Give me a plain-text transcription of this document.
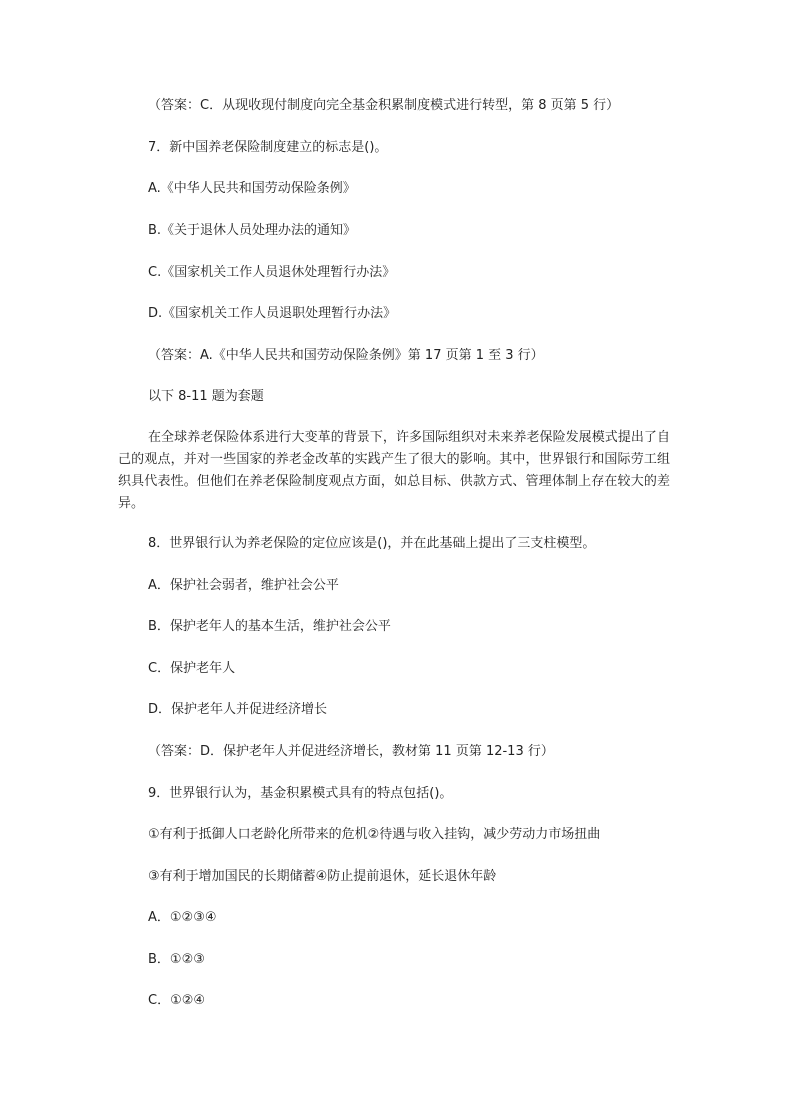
（答案：C．从现收现付制度向完全基金积累制度模式进行转型，第 8 页第 5 行）
7．新中国养老保险制度建立的标志是()。
A.《中华人民共和国劳动保险条例》
B.《关于退休人员处理办法的通知》
C.《国家机关工作人员退休处理暂行办法》
D.《国家机关工作人员退职处理暂行办法》
（答案：A.《中华人民共和国劳动保险条例》第 17 页第 1 至 3 行）
以下 8-11 题为套题
在全球养老保险体系进行大变革的背景下，许多国际组织对未来养老保险发展模式提出了自己的观点，并对一些国家的养老金改革的实践产生了很大的影响。其中，世界银行和国际劳工组织具代表性。但他们在养老保险制度观点方面，如总目标、供款方式、管理体制上存在较大的差异。
8．世界银行认为养老保险的定位应该是()，并在此基础上提出了三支柱模型。
A．保护社会弱者，维护社会公平
B．保护老年人的基本生活，维护社会公平
C．保护老年人
D．保护老年人并促进经济增长
（答案：D．保护老年人并促进经济增长，教材第 11 页第 12-13 行）
9．世界银行认为，基金积累模式具有的特点包括()。
①有利于抵御人口老龄化所带来的危机②待遇与收入挂钩，减少劳动力市场扭曲
③有利于增加国民的长期储蓄④防止提前退休，延长退休年龄
A．①②③④
B．①②③
C．①②④
